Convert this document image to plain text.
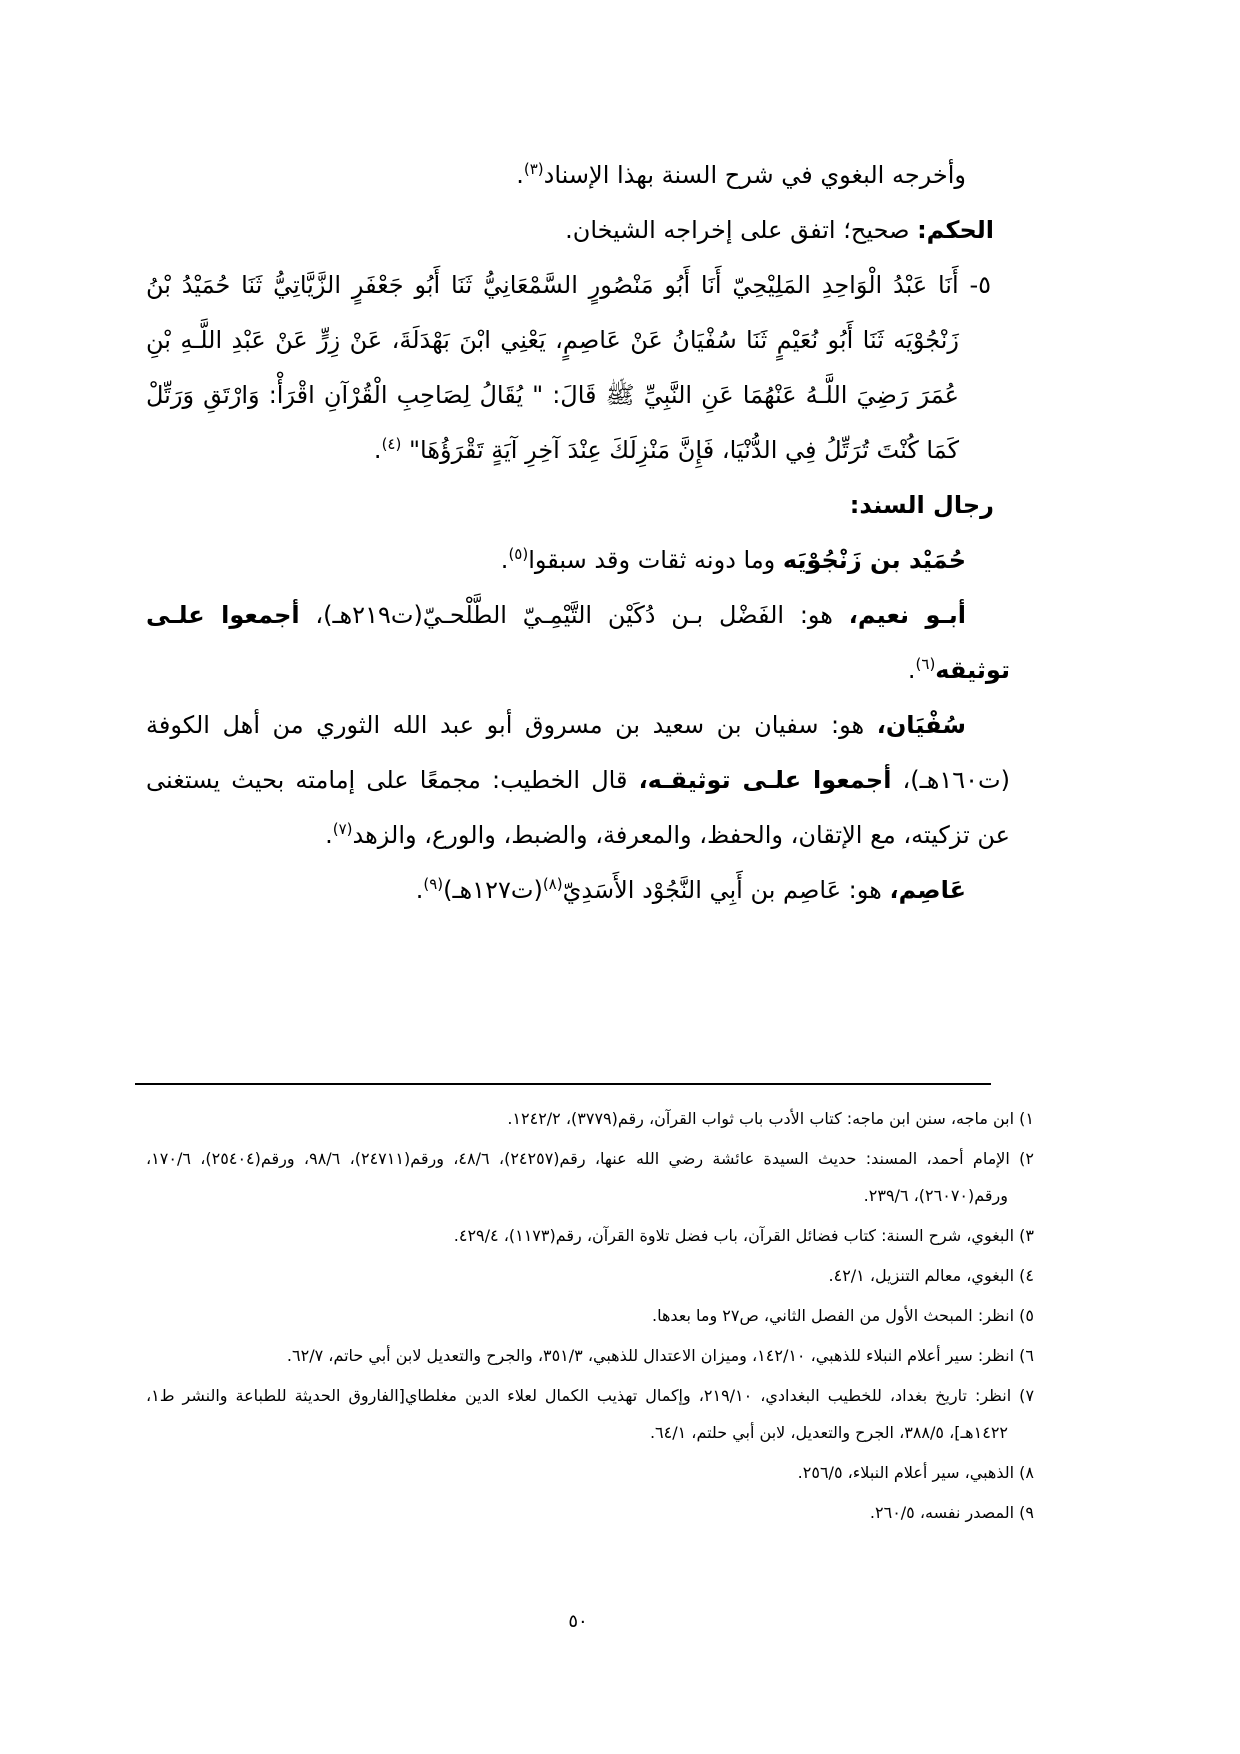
وأخرجه البغوي في شرح السنة بهذا الإسناد$^{(٣)}$.

الحكم: صحيح؛ اتفق على إخراجه الشيخان.

٥- أَنَا عَبْدُ الْوَاحِدِ المَلِيْحِيّ أَنَا أَبُو مَنْصُورٍ السَّمْعَانِيُّ ثَنَا أَبُو جَعْفَرٍ الزَّيَّاتِيُّ ثَنَا حُمَيْدُ بْنُ زَنْجُوْيَه ثَنَا أَبُو نُعَيْمٍ ثَنَا سُفْيَانُ عَنْ عَاصِمٍ، يَعْنِي ابْنَ بَهْدَلَةَ، عَنْ زِرٍّ عَنْ عَبْدِ اللَّـهِ بْنِ عُمَرَ رَضِيَ اللَّـهُ عَنْهُمَا عَنِ النَّبِيِّ ﷺ قَالَ: " يُقَالُ لِصَاحِبِ الْقُرْآنِ اقْرَأْ: وَارْتَقِ وَرَتِّلْ كَمَا كُنْتَ تُرَتِّلُ فِي الدُّنْيَا، فَإِنَّ مَنْزِلَكَ عِنْدَ آخِرِ آيَةٍ تَقْرَؤُهَا" $^{(٤)}$.

رجال السند:

حُمَيْد بن زَنْجُوْيَه وما دونه ثقات وقد سبقوا$^{(٥)}$.

أبـو نعيم، هو: الفَضْل بـن دُكَيْن التَّيْمِـيّ الطَّلْحـيّ(ت٢١٩هـ)، أجمعوا علـى توثيقه$^{(٦)}$.

سُفْيَان، هو: سفيان بن سعيد بن مسروق أبو عبد الله الثوري من أهل الكوفة (ت١٦٠هـ)، أجمعوا علـى توثيقـه، قال الخطيب: مجمعًا على إمامته بحيث يستغنى عن تزكيته، مع الإتقان، والحفظ، والمعرفة، والضبط، والورع، والزهد$^{(٧)}$.

عَاصِم، هو: عَاصِم بن أَبِي النَّجُوْد الأَسَدِيّ$^{(٨)}$(ت١٢٧هـ)$^{(٩)}$.

١) ابن ماجه، سنن ابن ماجه: كتاب الأدب باب ثواب القرآن، رقم(٣٧٧٩)، ١٢٤٢/٢.
٢) الإمام أحمد، المسند: حديث السيدة عائشة رضي الله عنها، رقم(٢٤٢٥٧)، ٤٨/٦، ورقم(٢٤٧١١)، ٩٨/٦، ورقم(٢٥٤٠٤)، ١٧٠/٦، ورقم(٢٦٠٧٠)، ٢٣٩/٦.
٣) البغوي، شرح السنة: كتاب فضائل القرآن، باب فضل تلاوة القرآن، رقم(١١٧٣)، ٤٢٩/٤.
٤) البغوي، معالم التنزيل، ٤٢/١.
٥) انظر: المبحث الأول من الفصل الثاني، ص٢٧ وما بعدها.
٦) انظر: سير أعلام النبلاء للذهبي، ١٤٢/١٠، وميزان الاعتدال للذهبي، ٣٥١/٣، والجرح والتعديل لابن أبي حاتم، ٦٢/٧.
٧) انظر: تاريخ بغداد، للخطيب البغدادي، ٢١٩/١٠، وإكمال تهذيب الكمال لعلاء الدين مغلطاي[الفاروق الحديثة للطباعة والنشر ط١، ١٤٢٢هـ]، ٣٨٨/٥، الجرح والتعديل، لابن أبي حلتم، ٦٤/١.
٨) الذهبي، سير أعلام النبلاء، ٢٥٦/٥.
٩) المصدر نفسه، ٢٦٠/٥.
٥٠
